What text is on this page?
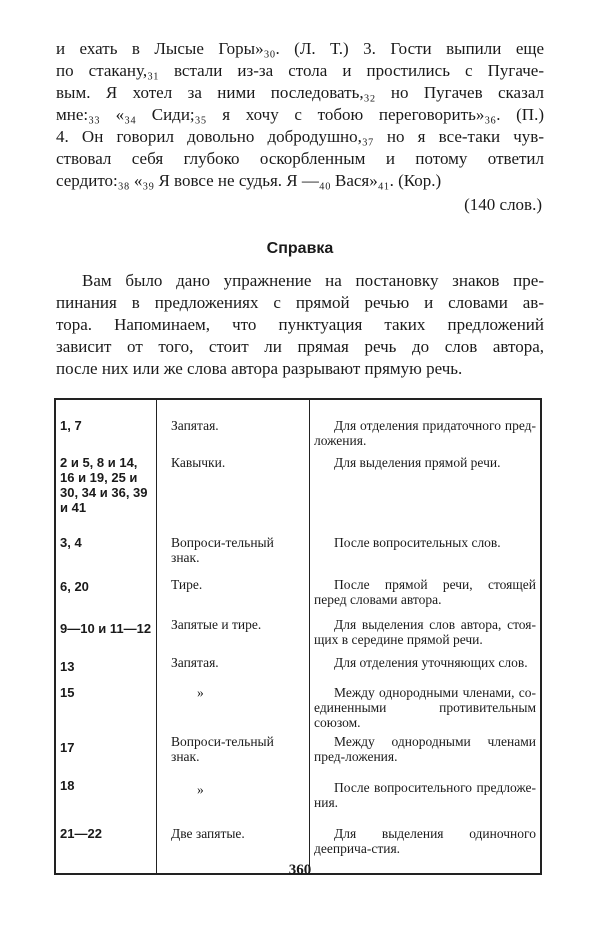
и ехать в Лысые Горы»₃₀. (Л. Т.) 3. Гости выпили еще
по стакану,₃₁ встали из-за стола и простились с Пугаче-
вым. Я хотел за ними последовать,₃₂ но Пугачев сказал
мне:₃₃ «₃₄ Сиди;₃₅ я хочу с тобою переговорить»₃₆. (П.)
4. Он говорил довольно добродушно,₃₇ но я все-таки чув-
ствовал себя глубоко оскорбленным и потому ответил
сердито:₃₈ «₃₉ Я вовсе не судья. Я —₄₀ Вася»₄₁. (Кор.)
(140 слов.)
Справка
Вам было дано упражнение на постановку знаков пре-
пинания в предложениях с прямой речью и словами ав-
тора. Напоминаем, что пунктуация таких предложений
зависит от того, стоит ли прямая речь до слов автора,
после них или же слова автора разрывают прямую речь.
1, 7	Запятая.	Для отделения придаточного пред-ложения.

2 и 5, 8 и 14, 16 и 19, 25 и 30, 34 и 36, 39 и 41	Кавычки.	Для выделения прямой речи.

3, 4	Вопроси-тельный знак.	После вопросительных слов.

6, 20	Тире.	После прямой речи, стоящей перед словами автора.

9—10 и 11—12	Запятые и тире.	Для выделения слов автора, стоя-щих в середине прямой речи.

13	Запятая.	Для отделения уточняющих слов.

15	»	Между однородными членами, со-единенными противительным союзом.

17	Вопроси-тельный знак.	Между однородными членами пред-ложения.

18	»	После вопросительного предложе-ния.

21—22	Две запятые.	Для выделения одиночного дееприча-стия.
360
